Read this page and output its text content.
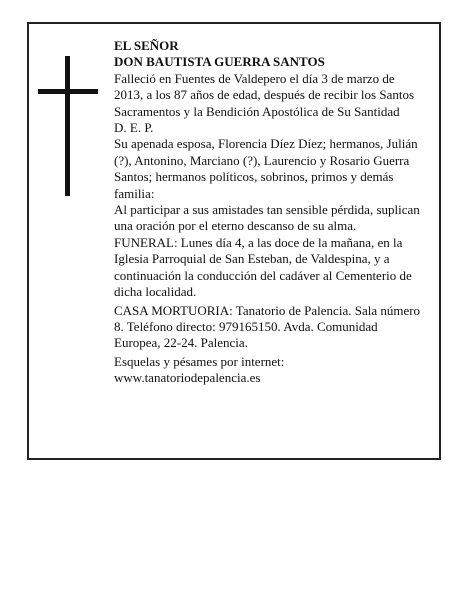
EL SEÑOR

DON BAUTISTA GUERRA SANTOS

Falleció en Fuentes de Valdepero el día 3 de marzo de 2013, a los 87 años de edad, después de recibir los Santos Sacramentos y la Bendición Apostólica de Su Santidad

D. E. P.

Su apenada esposa, Florencia Díez Díez; hermanos, Julián (?), Antonino, Marciano (?), Laurencio y Rosario Guerra Santos; hermanos políticos, sobrinos, primos y demás familia:

Al participar a sus amistades tan sensible pérdida, suplican una oración por el eterno descanso de su alma.

FUNERAL: Lunes día 4, a las doce de la mañana, en la Iglesia Parroquial de San Esteban, de Valdespina, y a continuación la conducción del cadáver al Cementerio de dicha localidad.

CASA MORTUORIA: Tanatorio de Palencia. Sala número 8. Teléfono directo: 979165150. Avda. Comunidad Europea, 22-24. Palencia.

Esquelas y pésames por internet:

www.tanatoriodepalencia.es
